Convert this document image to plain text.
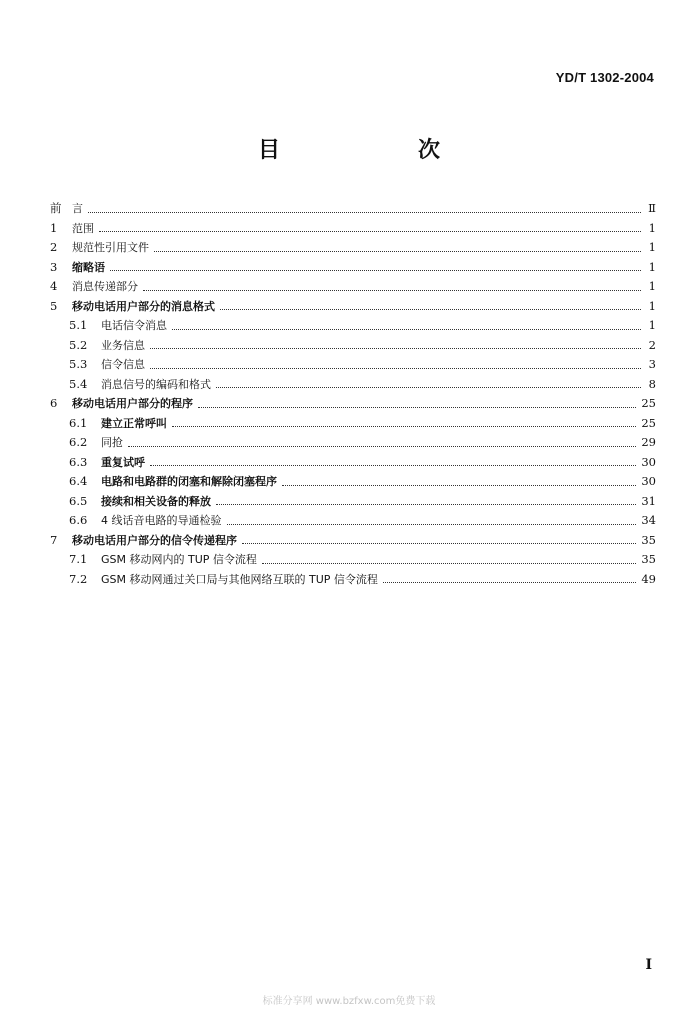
YD/T 1302-2004
目　次
前 言	Ⅱ
1	范围	1
2	规范性引用文件	1
3	缩略语	1
4	消息传递部分	1
5	移动电话用户部分的消息格式	1
5.1	电话信令消息	1
5.2	业务信息	2
5.3	信令信息	3
5.4	消息信号的编码和格式	8
6	移动电话用户部分的程序	25
6.1	建立正常呼叫	25
6.2	同抢	29
6.3	重复试呼	30
6.4	电路和电路群的闭塞和解除闭塞程序	30
6.5	接续和相关设备的释放	31
6.6	4 线话音电路的导通检验	34
7	移动电话用户部分的信令传递程序	35
7.1	GSM 移动网内的 TUP 信令流程	35
7.2	GSM 移动网通过关口局与其他网络互联的 TUP 信令流程	49
I
标准分享网 www.bzfxw.com免费下载
